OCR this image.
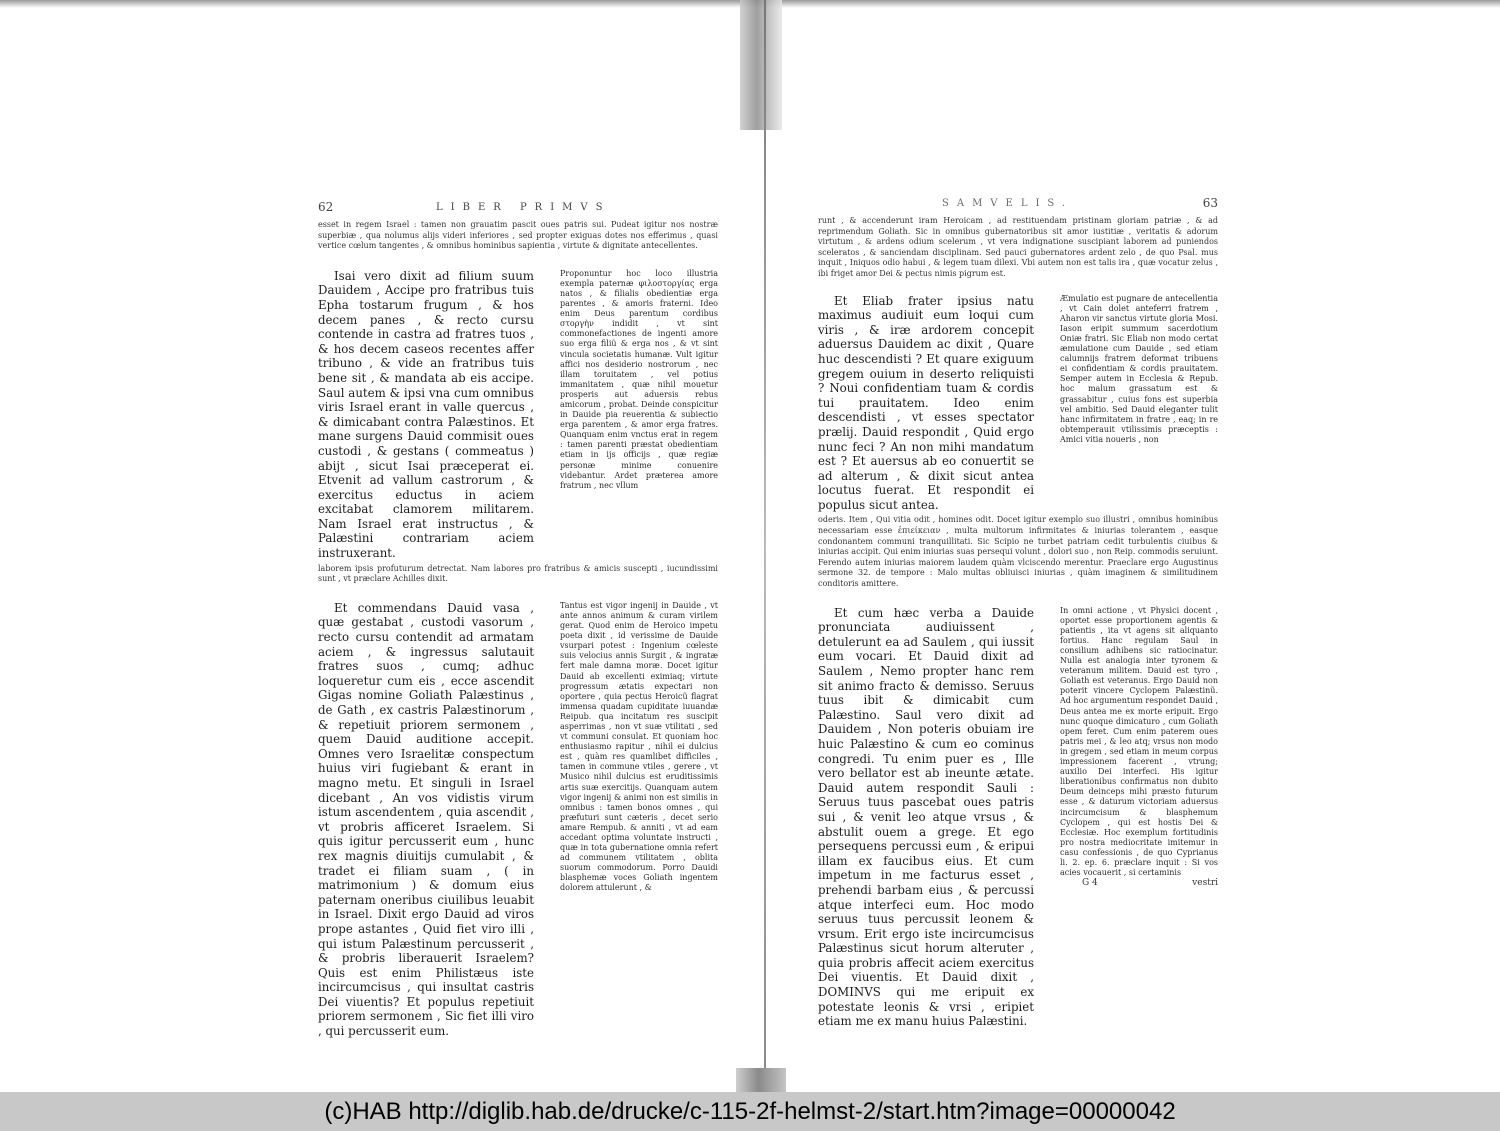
62	LIBER PRIMVS

esset in regem Israel : tamen non grauatim pascit oues patris sui. Pudeat igitur nos nostræ superbiæ , qua nolumus alijs videri inferiores , sed propter exiguas dotes nos efferimus , quasi vertice cœlum tangentes , & omnibus hominibus sapientia , virtute & dignitate antecellentes.

Isai vero dixit ad filium suum Dauidem , Accipe pro fratribus tuis Epha tostarum frugum , & hos decem panes , & recto cursu contende in castra ad fratres tuos , & hos decem caseos recentes affer tribuno , & vide an fratribus tuis bene sit , & mandata ab eis accipe. Saul autem & ipsi vna cum omnibus viris Israel erant in valle quercus , & dimicabant contra Palæstinos. Et mane surgens Dauid commisit oues custodi , & gestans ( commeatus ) abijt , sicut Isai præceperat ei. Etvenit ad vallum castrorum , & exercitus eductus in aciem excitabat clamorem militarem. Nam Israel erat instructus , & Palæstini contrariam aciem instruxerant.

Proponuntur hoc loco illustria exempla paternæ φιλοστοργίας erga natos , & filialis obedientiæ erga parentes , & amoris fraterni. Ideo enim Deus parentum cordibus στοργὴν indidit , vt sint commonefactiones de ingenti amore suo erga filiũ & erga nos , & vt sint vincula societatis humanæ. Vult igitur affici nos desiderio nostrorum , nec illam toruitatem , vel potius immanitatem , quæ nihil mouetur prosperis aut aduersis rebus amicorum , probat. Deinde conspicitur in Dauide pia reuerentia & subiectio erga parentem , & amor erga fratres. Quanquam enim vnctus erat in regem : tamen parenti præstat obedientiam etiam in ijs officijs , quæ regiæ personæ minime conuenire videbantur. Ardet præterea amore fratrum , nec vllum

laborem ipsis profuturum detrectat. Nam labores pro fratribus & amicis suscepti , iucundissimi sunt , vt præclare Achilles dixit.

Et commendans Dauid vasa , quæ gestabat , custodi vasorum , recto cursu contendit ad armatam aciem , & ingressus salutauit fratres suos , cumq; adhuc loqueretur cum eis , ecce ascendit Gigas nomine Goliath Palæstinus , de Gath , ex castris Palæstinorum , & repetiuit priorem sermonem , quem Dauid auditione accepit. Omnes vero Israelitæ conspectum huius viri fugiebant & erant in magno metu. Et singuli in Israel dicebant , An vos vidistis virum istum ascendentem , quia ascendit , vt probris afficeret Israelem. Si quis igitur percusserit eum , hunc rex magnis diuitijs cumulabit , & tradet ei filiam suam , ( in matrimonium ) & domum eius paternam oneribus ciuilibus leuabit in Israel. Dixit ergo Dauid ad viros prope astantes , Quid fiet viro illi , qui istum Palæstinum percusserit , & probris liberauerit Israelem? Quis est enim Philistæus iste incircumcisus , qui insultat castris Dei viuentis? Et populus repetiuit priorem sermonem , Sic fiet illi viro , qui percusserit eum.

Tantus est vigor ingenij in Dauide , vt ante annos animum & curam virilem gerat. Quod enim de Heroico impetu poeta dixit , id verissime de Dauide vsurpari potest : Ingenium cœleste suis velocius annis Surgit , & ingratæ fert male damna moræ. Docet igitur Dauid ab excellenti eximiaq; virtute progressum ætatis expectari non oportere , quia pectus Heroicũ flagrat immensa quadam cupiditate iuuandæ Reipub. qua incitatum res suscipit asperrimas , non vt suæ vtilitati , sed vt communi consulat. Et quoniam hoc enthusiasmo rapitur , nihil ei dulcius est , quàm res quamlibet difficiles , tamen in commune vtiles , gerere , vt Musico nihil dulcius est eruditissimis artis suæ exercitijs. Quanquam autem vigor ingenij & animi non est similis in omnibus : tamen bonos omnes , qui præfuturi sunt cæteris , decet serio amare Rempub. & anniti , vt ad eam accedant optima voluntate instructi , quæ in tota gubernatione omnia refert ad communem vtilitatem , oblita suorum commodorum. Porro Dauidi blasphemæ voces Goliath ingentem dolorem attulerunt , &

SAMVELIS.	63

runt , & accenderunt iram Heroicam , ad restituendam pristinam gloriam patriæ , & ad reprimendum Goliath. Sic in omnibus gubernatoribus sit amor iustitiæ , veritatis & adorum virtutum , & ardens odium scelerum , vt vera indignatione suscipiant laborem ad puniendos sceleratos , & sanciendam disciplinam. Sed pauci gubernatores ardent zelo , de quo Psal. mus inquit , Iniquos odio habui , & legem tuam dilexi. Vbi autem non est talis ira , quæ vocatur zelus , ibi friget amor Dei & pectus nimis pigrum est.

Et Eliab frater ipsius natu maximus audiuit eum loqui cum viris , & iræ ardorem concepit aduersus Dauidem ac dixit , Quare huc descendisti ? Et quare exiguum gregem ouium in deserto reliquisti ? Noui confidentiam tuam & cordis tui prauitatem. Ideo enim descendisti , vt esses spectator prælij. Dauid respondit , Quid ergo nunc feci ? An non mihi mandatum est ? Et auersus ab eo conuertit se ad alterum , & dixit sicut antea locutus fuerat. Et respondit ei populus sicut antea.

Æmulatio est pugnare de antecellentia , vt Cain dolet anteferri fratrem , Aharon vir sanctus virtute gloria Mosi. Iason eripit summum sacerdotium Oniæ fratri. Sic Eliab non modo certat æmulatione cum Dauide , sed etiam calumnijs fratrem deformat tribuens ei confidentiam & cordis prauitatem. Semper autem in Ecclesia & Repub. hoc malum grassatum est & grassabitur , cuius fons est superbia vel ambitio. Sed Dauid eleganter tulit hanc infirmitatem in fratre , eaq; in re obtemperauit vtilissimis præceptis : Amici vitia noueris , non

oderis. Item , Qui vitia odit , homines odit. Docet igitur exemplo suo illustri , omnibus hominibus necessariam esse ἐπιείκειαν , multa multorum infirmitates & iniurias tolerantem , easque condonantem communi tranquillitati. Sic Scipio ne turbet patriam cedit turbulentis ciuibus & iniurias accipit. Qui enim iniurias suas persequi volunt , dolori suo , non Reip. commodis seruiunt. Ferendo autem iniurias maiorem laudem quàm vlciscendo merentur. Praeclare ergo Augustinus sermone 32. de tempore : Malo multas obliuisci iniurias , quàm imaginem & similitudinem conditoris amittere.

Et cum hæc verba a Dauide pronunciata audiuissent , detulerunt ea ad Saulem , qui iussit eum vocari. Et Dauid dixit ad Saulem , Nemo propter hanc rem sit animo fracto & demisso. Seruus tuus ibit & dimicabit cum Palæstino. Saul vero dixit ad Dauidem , Non poteris obuiam ire huic Palæstino & cum eo cominus congredi. Tu enim puer es , Ille vero bellator est ab ineunte ætate. Dauid autem respondit Sauli : Seruus tuus pascebat oues patris sui , & venit leo atque vrsus , & abstulit ouem a grege. Et ego persequens percussi eum , & eripui illam ex faucibus eius. Et cum impetum in me facturus esset , prehendi barbam eius , & percussi atque interfeci eum. Hoc modo seruus tuus percussit leonem & vrsum. Erit ergo iste incircumcisus Palæstinus sicut horum alteruter , quia probris affecit aciem exercitus Dei viuentis. Et Dauid dixit , DOMINVS qui me eripuit ex potestate leonis & vrsi , eripiet etiam me ex manu huius Palæstini.

In omni actione , vt Physici docent , oportet esse proportionem agentis & patientis , ita vt agens sit aliquanto fortius. Hanc regulam Saul in consilium adhibens sic ratiocinatur. Nulla est analogia inter tyronem & veteranum militem. Dauid est tyro , Goliath est veteranus. Ergo Dauid non poterit vincere Cyclopem Palæstinũ. Ad hoc argumentum respondet Dauid , Deus antea me ex morte eripuit. Ergo nunc quoque dimicaturo , cum Goliath opem feret. Cum enim paterem oues patris mei , & leo atq; vrsus non modo in gregem , sed etiam in meum corpus impressionem facerent , vtrung; auxilio Dei interfeci. His igitur liberationibus confirmatus non dubito Deum deinceps mihi præsto futurum esse , & daturum victoriam aduersus incircumcisum & blasphemum Cyclopem , qui est hostis Dei & Ecclesiæ. Hoc exemplum fortitudinis pro nostra mediocritate imitemur in casu confessionis , de quo Cyprianus li. 2. ep. 6. præclare inquit : Si vos acies vocauerit , si certaminis

G 4	vestri
(c)HAB http://diglib.hab.de/drucke/c-115-2f-helmst-2/start.htm?image=00000042
